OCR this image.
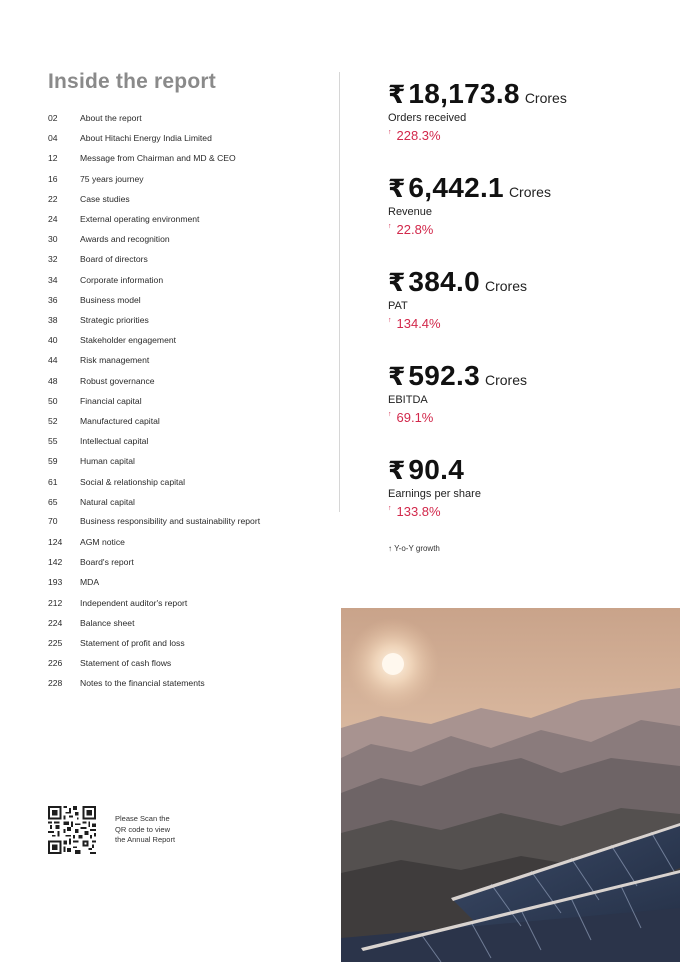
Inside the report
02	About the report
04	About Hitachi Energy India Limited
12	Message from Chairman and MD & CEO
16	75 years journey
22	Case studies
24	External operating environment
30	Awards and recognition
32	Board of directors
34	Corporate information
36	Business model
38	Strategic priorities
40	Stakeholder engagement
44	Risk management
48	Robust governance
50	Financial capital
52	Manufactured capital
55	Intellectual capital
59	Human capital
61	Social & relationship capital
65	Natural capital
70	Business responsibility and sustainability report
124	AGM notice
142	Board's report
193	MDA
212	Independent auditor's report
224	Balance sheet
225	Statement of profit and loss
226	Statement of cash flows
228	Notes to the financial statements
₹ 18,173.8 Crores
Orders received
↑ 228.3%
₹ 6,442.1 Crores
Revenue
↑ 22.8%
₹ 384.0 Crores
PAT
↑ 134.4%
₹ 592.3 Crores
EBITDA
↑ 69.1%
₹ 90.4
Earnings per share
↑ 133.8%
↑ Y-o-Y growth
Please Scan the
QR code to view
the Annual Report
